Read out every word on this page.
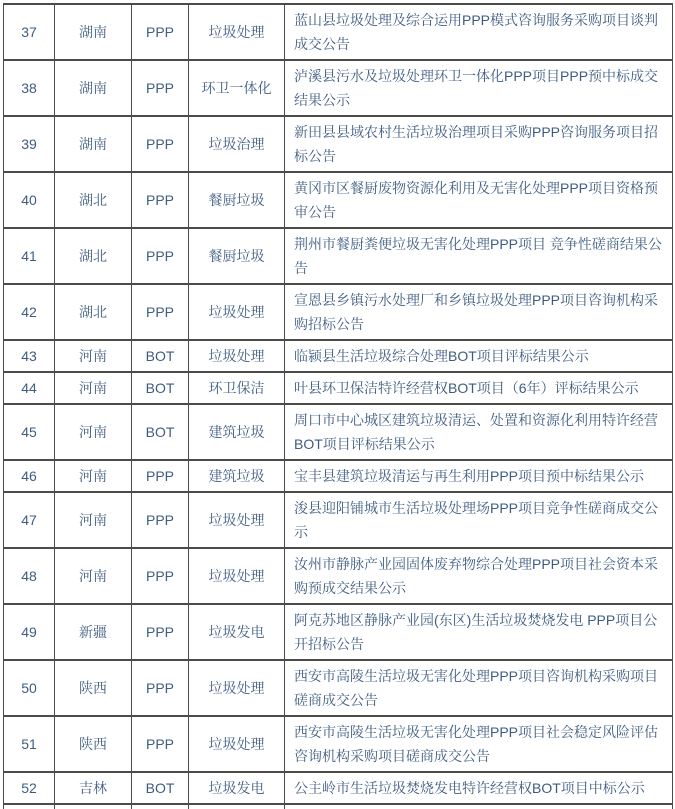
37	湖南	PPP	垃圾处理	蓝山县垃圾处理及综合运用PPP模式咨询服务采购项目谈判成交公告
38	湖南	PPP	环卫一体化	泸溪县污水及垃圾处理环卫一体化PPP项目PPP预中标成交结果公示
39	湖南	PPP	垃圾治理	新田县县域农村生活垃圾治理项目采购PPP咨询服务项目招标公告
40	湖北	PPP	餐厨垃圾	黄冈市区餐厨废物资源化利用及无害化处理PPP项目资格预审公告
41	湖北	PPP	餐厨垃圾	荆州市餐厨粪便垃圾无害化处理PPP项目 竞争性磋商结果公告
42	湖北	PPP	垃圾处理	宣恩县乡镇污水处理厂和乡镇垃圾处理PPP项目咨询机构采购招标公告
43	河南	BOT	垃圾处理	临颍县生活垃圾综合处理BOT项目评标结果公示
44	河南	BOT	环卫保洁	叶县环卫保洁特许经营权BOT项目（6年）评标结果公示
45	河南	BOT	建筑垃圾	周口市中心城区建筑垃圾清运、处置和资源化利用特许经营BOT项目评标结果公示
46	河南	PPP	建筑垃圾	宝丰县建筑垃圾清运与再生利用PPP项目预中标结果公示
47	河南	PPP	垃圾处理	浚县迎阳铺城市生活垃圾处理场PPP项目竞争性磋商成交公示
48	河南	PPP	垃圾处理	汝州市静脉产业园固体废弃物综合处理PPP项目社会资本采购预成交结果公示
49	新疆	PPP	垃圾发电	阿克苏地区静脉产业园(东区)生活垃圾焚烧发电 PPP项目公开招标公告
50	陕西	PPP	垃圾处理	西安市高陵生活垃圾无害化处理PPP项目咨询机构采购项目磋商成交公告
51	陕西	PPP	垃圾处理	西安市高陵生活垃圾无害化处理PPP项目社会稳定风险评估咨询机构采购项目磋商成交公告
52	吉林	BOT	垃圾发电	公主岭市生活垃圾焚烧发电特许经营权BOT项目中标公示
